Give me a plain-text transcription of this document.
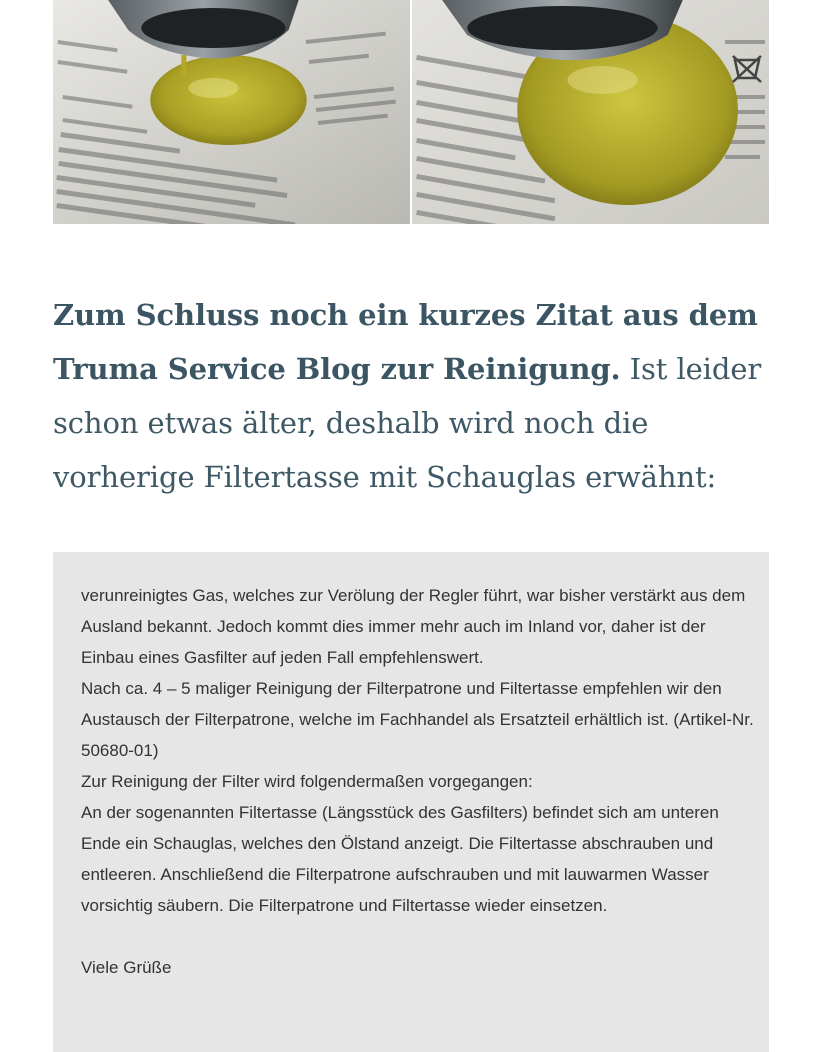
Zum Schluss noch ein kurzes Zitat aus dem Truma Service Blog zur Reinigung. Ist leider schon etwas älter, deshalb wird noch die vorherige Filtertasse mit Schauglas erwähnt:

verunreinigtes Gas, welches zur Verölung der Regler führt, war bisher verstärkt aus dem Ausland bekannt. Jedoch kommt dies immer mehr auch im Inland vor, daher ist der Einbau eines Gasfilter auf jeden Fall empfehlenswert.

Nach ca. 4 – 5 maliger Reinigung der Filterpatrone und Filtertasse empfehlen wir den Austausch der Filterpatrone, welche im Fachhandel als Ersatzteil erhältlich ist. (Artikel-Nr. 50680-01)

Zur Reinigung der Filter wird folgendermaßen vorgegangen:

An der sogenannten Filtertasse (Längsstück des Gasfilters) befindet sich am unteren Ende ein Schauglas, welches den Ölstand anzeigt. Die Filtertasse abschrauben und entleeren. Anschließend die Filterpatrone aufschrauben und mit lauwarmen Wasser vorsichtig säubern. Die Filterpatrone und Filtertasse wieder einsetzen.

Viele Grüße
